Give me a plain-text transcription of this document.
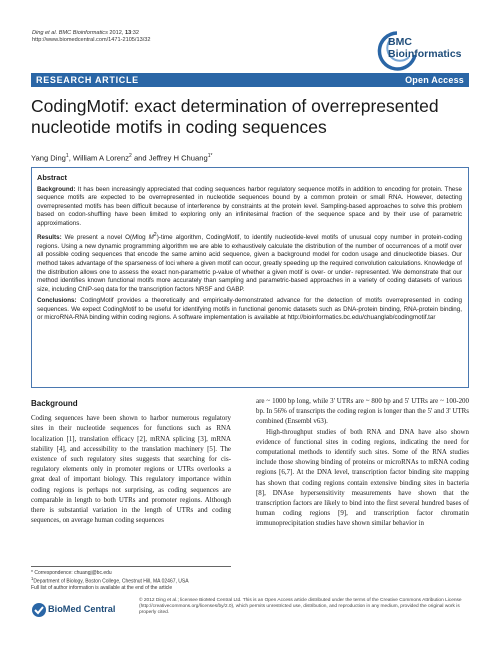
Ding et al. BMC Bioinformatics 2012, 13:32
http://www.biomedcentral.com/1471-2105/13/32	BMC
Bioinformatics
RESEARCH ARTICLE	Open Access
CodingMotif: exact determination of overrepresented nucleotide motifs in coding sequences
Yang Ding$^1$, William A Lorenz$^2$ and Jeffrey H Chuang$^{1*}$
Abstract

Background: It has been increasingly appreciated that coding sequences harbor regulatory sequence motifs in addition to encoding for protein. These sequence motifs are expected to be overrepresented in nucleotide sequences bound by a common protein or small RNA. However, detecting overrepresented motifs has been difficult because of interference by constraints at the protein level. Sampling-based approaches to solve this problem based on codon-shuffling have been limited to exploring only an infinitesimal fraction of the sequence space and by their use of parametric approximations.

Results: We present a novel O(Mlog $M^2$)-time algorithm, CodingMotif, to identify nucleotide-level motifs of unusual copy number in protein-coding regions. Using a new dynamic programming algorithm we are able to exhaustively calculate the distribution of the number of occurrences of a motif over all possible coding sequences that encode the same amino acid sequence, given a background model for codon usage and dinucleotide biases. Our method takes advantage of the sparseness of loci where a given motif can occur, greatly speeding up the required convolution calculations. Knowledge of the distribution allows one to assess the exact non-parametric p-value of whether a given motif is over- or under- represented. We demonstrate that our method identifies known functional motifs more accurately than sampling and parametric-based approaches in a variety of coding datasets of various size, including ChIP-seq data for the transcription factors NRSF and GABP.

Conclusions: CodingMotif provides a theoretically and empirically-demonstrated advance for the detection of motifs overrepresented in coding sequences. We expect CodingMotif to be useful for identifying motifs in functional genomic datasets such as DNA-protein binding, RNA-protein binding, or microRNA-RNA binding within coding regions. A software implementation is available at http://bioinformatics.bc.edu/chuanglab/codingmotif.tar

Background

Coding sequences have been shown to harbor numerous regulatory sites in their nucleotide sequences for functions such as RNA localization [1], translation efficacy [2], mRNA splicing [3], mRNA stability [4], and accessibility to the translation machinery [5]. The existence of such regulatory sites suggests that searching for cis-regulatory elements only in promoter regions or UTRs overlooks a great deal of important biology. This regulatory importance within coding regions is perhaps not surprising, as coding sequences are comparable in length to both UTRs and promoter regions. Although there is substantial variation in the length of UTRs and coding sequences, on average human coding sequences

are ~ 1000 bp long, while 3' UTRs are ~ 800 bp and 5' UTRs are ~ 100-200 bp. In 56% of transcripts the coding region is longer than the 5' and 3' UTRs combined (Ensembl v63).

High-throughput studies of both RNA and DNA have also shown evidence of functional sites in coding regions, indicating the need for computational methods to identify such sites. Some of the RNA studies include those showing binding of proteins or microRNAs to mRNA coding regions [6,7]. At the DNA level, transcription factor binding site mapping has shown that coding regions contain extensive binding sites in bacteria [8], DNAse hypersensitivity measurements have shown that the transcription factors are likely to bind into the first several hundred bases of human coding regions [9], and transcription factor chromatin immunoprecipitation studies have shown similar behavior in

* Correspondence: chuangj@bc.edu
$^1$Department of Biology, Boston College, Chestnut Hill, MA 02467, USA
Full list of author information is available at the end of the article
BioMed Central
© 2012 Ding et al.; licensee BioMed Central Ltd. This is an Open Access article distributed under the terms of the Creative Commons Attribution License (http://creativecommons.org/licenses/by/2.0), which permits unrestricted use, distribution, and reproduction in any medium, provided the original work is properly cited.
